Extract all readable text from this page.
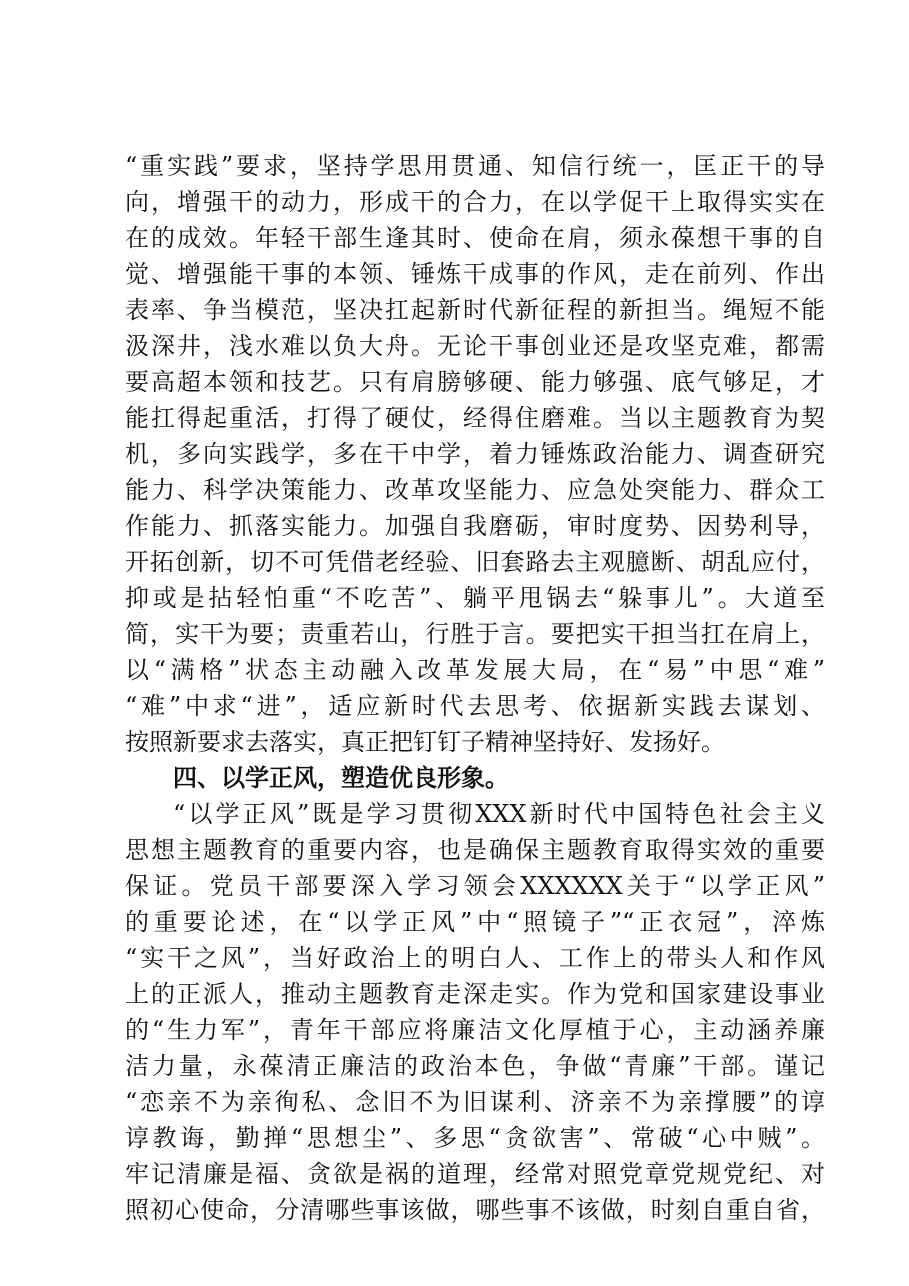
“重实践”要求，坚持学思用贯通、知信行统一，匡正干的导
向，增强干的动力，形成干的合力，在以学促干上取得实实在
在的成效。年轻干部生逢其时、使命在肩，须永葆想干事的自
觉、增强能干事的本领、锤炼干成事的作风，走在前列、作出
表率、争当模范，坚决扛起新时代新征程的新担当。绳短不能
汲深井，浅水难以负大舟。无论干事创业还是攻坚克难，都需
要高超本领和技艺。只有肩膀够硬、能力够强、底气够足，才
能扛得起重活，打得了硬仗，经得住磨难。当以主题教育为契
机，多向实践学，多在干中学，着力锤炼政治能力、调查研究
能力、科学决策能力、改革攻坚能力、应急处突能力、群众工
作能力、抓落实能力。加强自我磨砺，审时度势、因势利导，
开拓创新，切不可凭借老经验、旧套路去主观臆断、胡乱应付，
抑或是拈轻怕重“不吃苦”、躺平甩锅去“躲事儿”。大道至
简，实干为要；责重若山，行胜于言。要把实干担当扛在肩上，
以“满格”状态主动融入改革发展大局，在“易”中思“难”
“难”中求“进”，适应新时代去思考、依据新实践去谋划、
按照新要求去落实，真正把钉钉子精神坚持好、发扬好。
四、以学正风，塑造优良形象。
“以学正风”既是学习贯彻XXX新时代中国特色社会主义
思想主题教育的重要内容，也是确保主题教育取得实效的重要
保证。党员干部要深入学习领会XXXXXX关于“以学正风”
的重要论述，在“以学正风”中“照镜子”“正衣冠”，淬炼
“实干之风”，当好政治上的明白人、工作上的带头人和作风
上的正派人，推动主题教育走深走实。作为党和国家建设事业
的“生力军”，青年干部应将廉洁文化厚植于心，主动涵养廉
洁力量，永葆清正廉洁的政治本色，争做“青廉”干部。谨记
“恋亲不为亲徇私、念旧不为旧谋利、济亲不为亲撑腰”的谆
谆教诲，勤掸“思想尘”、多思“贪欲害”、常破“心中贼”。
牢记清廉是福、贪欲是祸的道理，经常对照党章党规党纪、对
照初心使命，分清哪些事该做，哪些事不该做，时刻自重自省，
